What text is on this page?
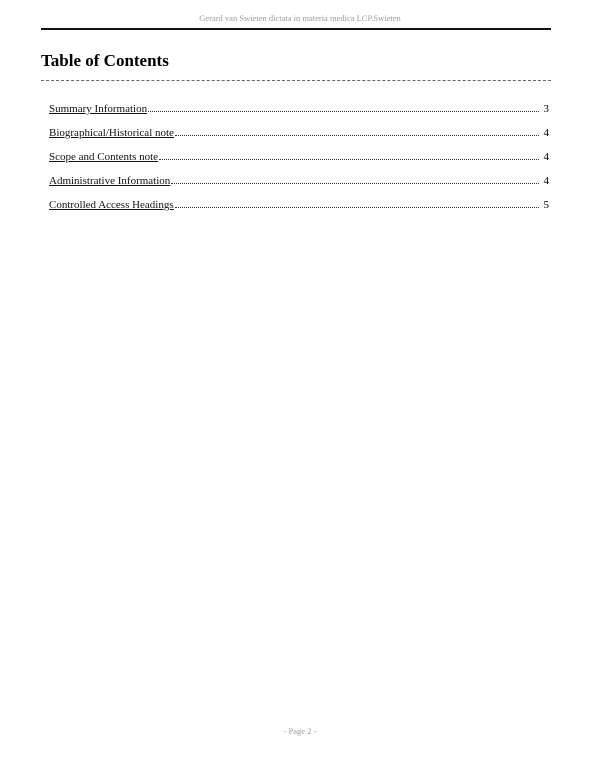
Gerard van Swieten dictata in materia medica LCP.Swieten
Table of Contents
Summary Information	3
Biographical/Historical note	4
Scope and Contents note	4
Administrative Information	4
Controlled Access Headings	5
- Page 2 -
